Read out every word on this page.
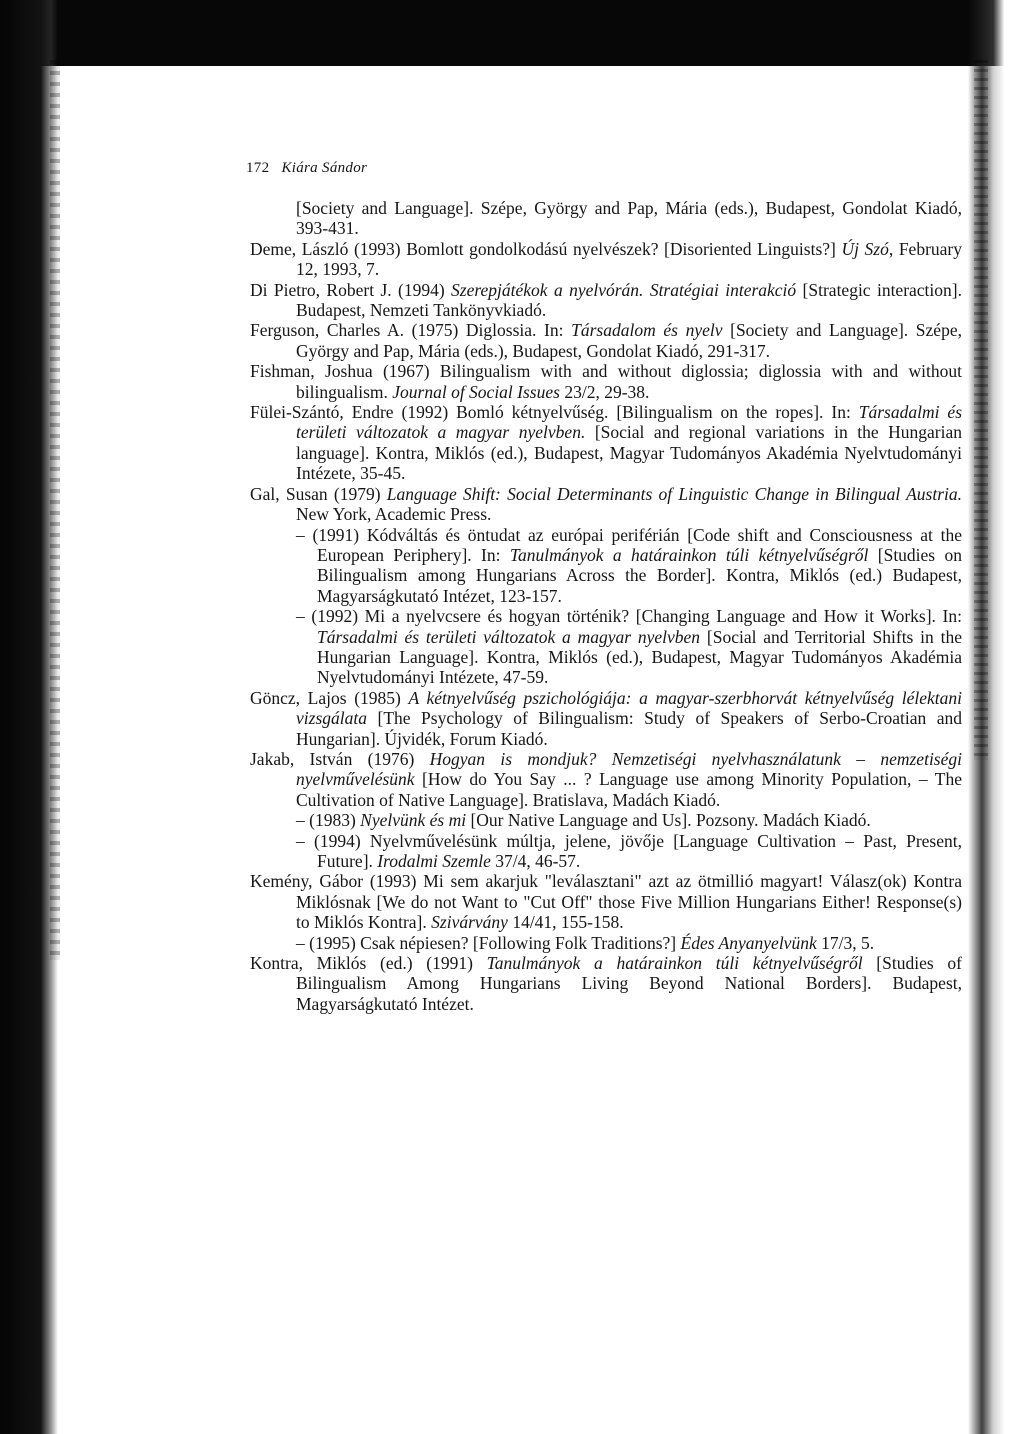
172 Kiára Sándor

[Society and Language]. Szépe, György and Pap, Mária (eds.), Budapest, Gondolat Kiadó, 393-431.

Deme, László (1993) Bomlott gondolkodású nyelvészek? [Disoriented Linguists?] Új Szó, February 12, 1993, 7.

Di Pietro, Robert J. (1994) Szerepjátékok a nyelvórán. Stratégiai interakció [Strategic interaction]. Budapest, Nemzeti Tankönyvkiadó.

Ferguson, Charles A. (1975) Diglossia. In: Társadalom és nyelv [Society and Language]. Szépe, György and Pap, Mária (eds.), Budapest, Gondolat Kiadó, 291-317.

Fishman, Joshua (1967) Bilingualism with and without diglossia; diglossia with and without bilingualism. Journal of Social Issues 23/2, 29-38.

Fülei-Szántó, Endre (1992) Bomló kétnyelvűség. [Bilingualism on the ropes]. In: Társadalmi és területi változatok a magyar nyelvben. [Social and regional variations in the Hungarian language]. Kontra, Miklós (ed.), Budapest, Magyar Tudományos Akadémia Nyelvtudományi Intézete, 35-45.

Gal, Susan (1979) Language Shift: Social Determinants of Linguistic Change in Bilingual Austria. New York, Academic Press.

– (1991) Kódváltás és öntudat az európai periférián [Code shift and Consciousness at the European Periphery]. In: Tanulmányok a határainkon túli kétnyelvűségről [Studies on Bilingualism among Hungarians Across the Border]. Kontra, Miklós (ed.) Budapest, Magyarságkutató Intézet, 123-157.

– (1992) Mi a nyelvcsere és hogyan történik? [Changing Language and How it Works]. In: Társadalmi és területi változatok a magyar nyelvben [Social and Territorial Shifts in the Hungarian Language]. Kontra, Miklós (ed.), Budapest, Magyar Tudományos Akadémia Nyelvtudományi Intézete, 47-59.

Göncz, Lajos (1985) A kétnyelvűség pszichológiája: a magyar-szerbhorvát kétnyelvűség lélektani vizsgálata [The Psychology of Bilingualism: Study of Speakers of Serbo-Croatian and Hungarian]. Újvidék, Forum Kiadó.

Jakab, István (1976) Hogyan is mondjuk? Nemzetiségi nyelvhasználatunk – nemzetiségi nyelvművelésünk [How do You Say ... ? Language use among Minority Population, – The Cultivation of Native Language]. Bratislava, Madách Kiadó.

– (1983) Nyelvünk és mi [Our Native Language and Us]. Pozsony. Madách Kiadó.

– (1994) Nyelvművelésünk múltja, jelene, jövője [Language Cultivation – Past, Present, Future]. Irodalmi Szemle 37/4, 46-57.

Kemény, Gábor (1993) Mi sem akarjuk "leválasztani" azt az ötmillió magyart! Válasz(ok) Kontra Miklósnak [We do not Want to "Cut Off" those Five Million Hungarians Either! Response(s) to Miklós Kontra]. Szivárvány 14/41, 155-158.

– (1995) Csak népiesen? [Following Folk Traditions?] Édes Anyanyelvünk 17/3, 5.

Kontra, Miklós (ed.) (1991) Tanulmányok a határainkon túli kétnyelvűségről [Studies of Bilingualism Among Hungarians Living Beyond National Borders]. Budapest, Magyarságkutató Intézet.
